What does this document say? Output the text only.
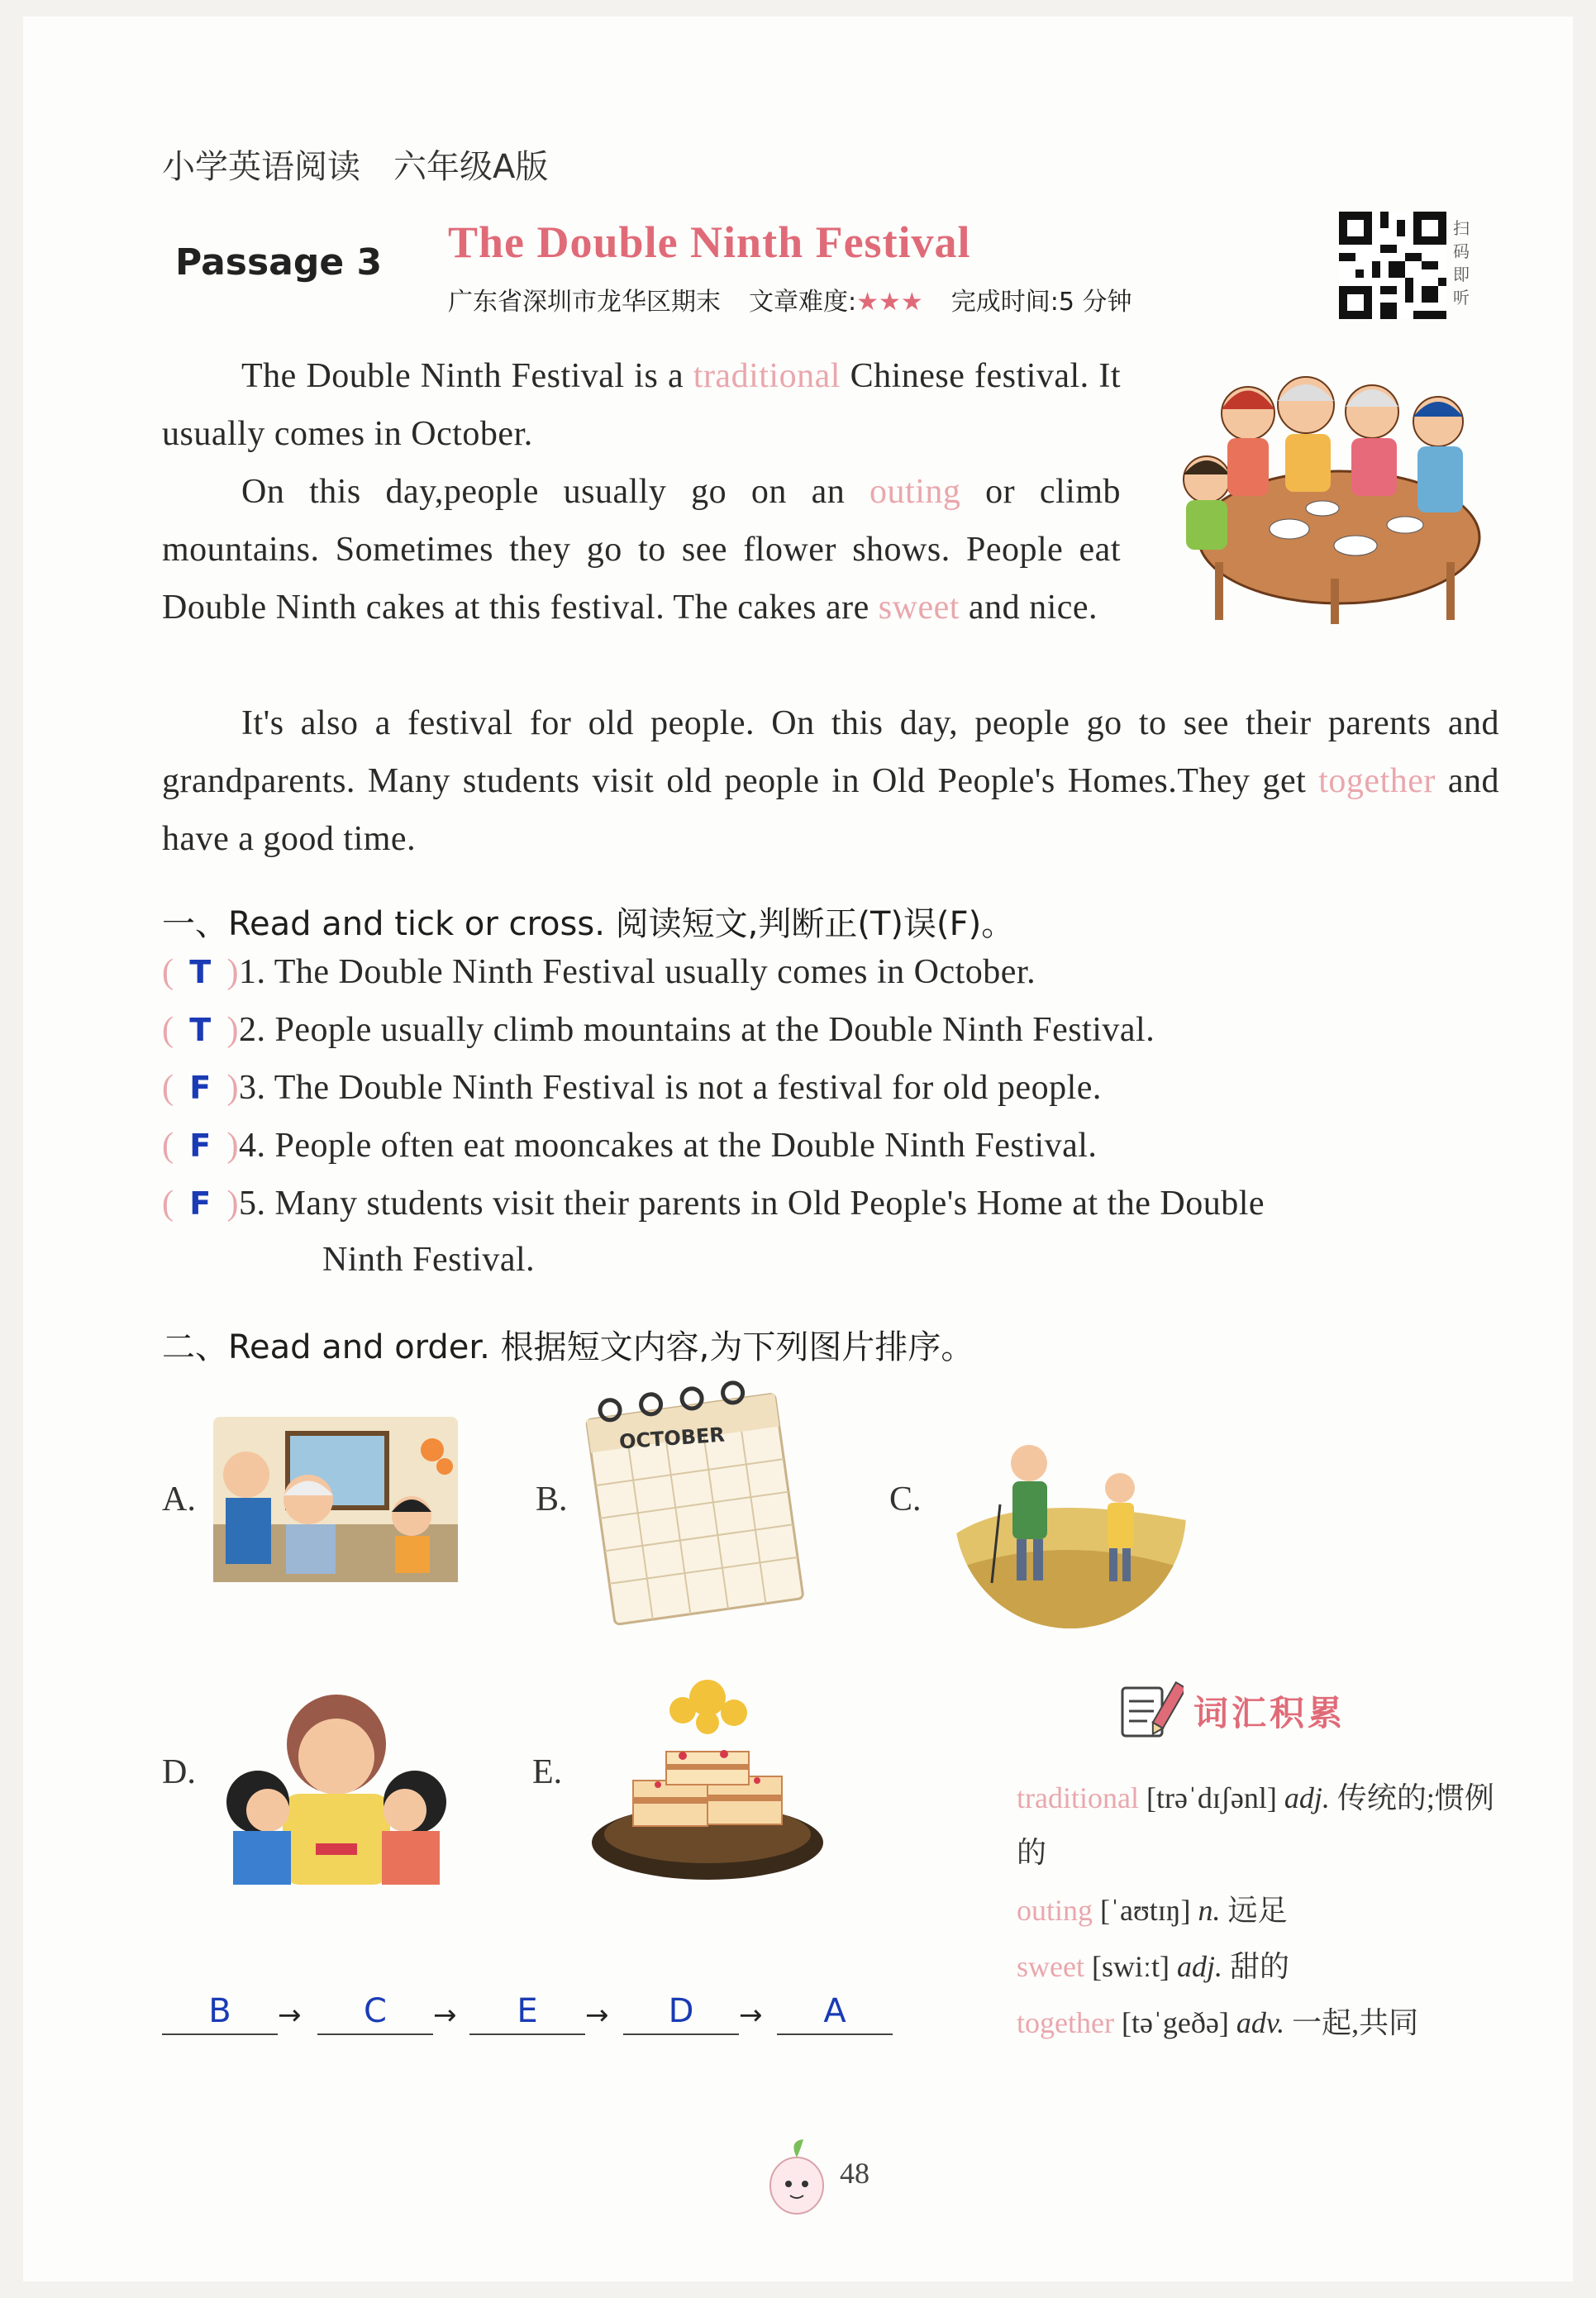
小学英语阅读　六年级A版
Passage 3 The Double Ninth Festival
广东省深圳市龙华区期末 文章难度:★★★ 完成时间:5 分钟
扫码即听

The Double Ninth Festival is a traditional Chinese festival. It usually comes in October.

On this day,people usually go on an outing or climb mountains. Sometimes they go to see flower shows. People eat Double Ninth cakes at this festival. The cakes are sweet and nice.

It's also a festival for old people. On this day, people go to see their parents and grandparents. Many students visit old people in Old People's Homes.They get together and have a good time.

一、Read and tick or cross. 阅读短文,判断正(T)误(F)。
( T )1. The Double Ninth Festival usually comes in October.
( T )2. People usually climb mountains at the Double Ninth Festival.
( F )3. The Double Ninth Festival is not a festival for old people.
( F )4. People often eat mooncakes at the Double Ninth Festival.
( F )5. Many students visit their parents in Old People's Home at the Double
Ninth Festival.
二、Read and order. 根据短文内容,为下列图片排序。
A.	B.
OCTOBER
C.
D.	E.
B	→	C	→	E	→	D	→	A
词汇积累
traditional [trəˈdɪʃənl] adj. 传统的;惯例的
outing [ˈaʊtɪŋ] n. 远足
sweet [swiːt] adj. 甜的
together [təˈgeðə] adv. 一起,共同
48
